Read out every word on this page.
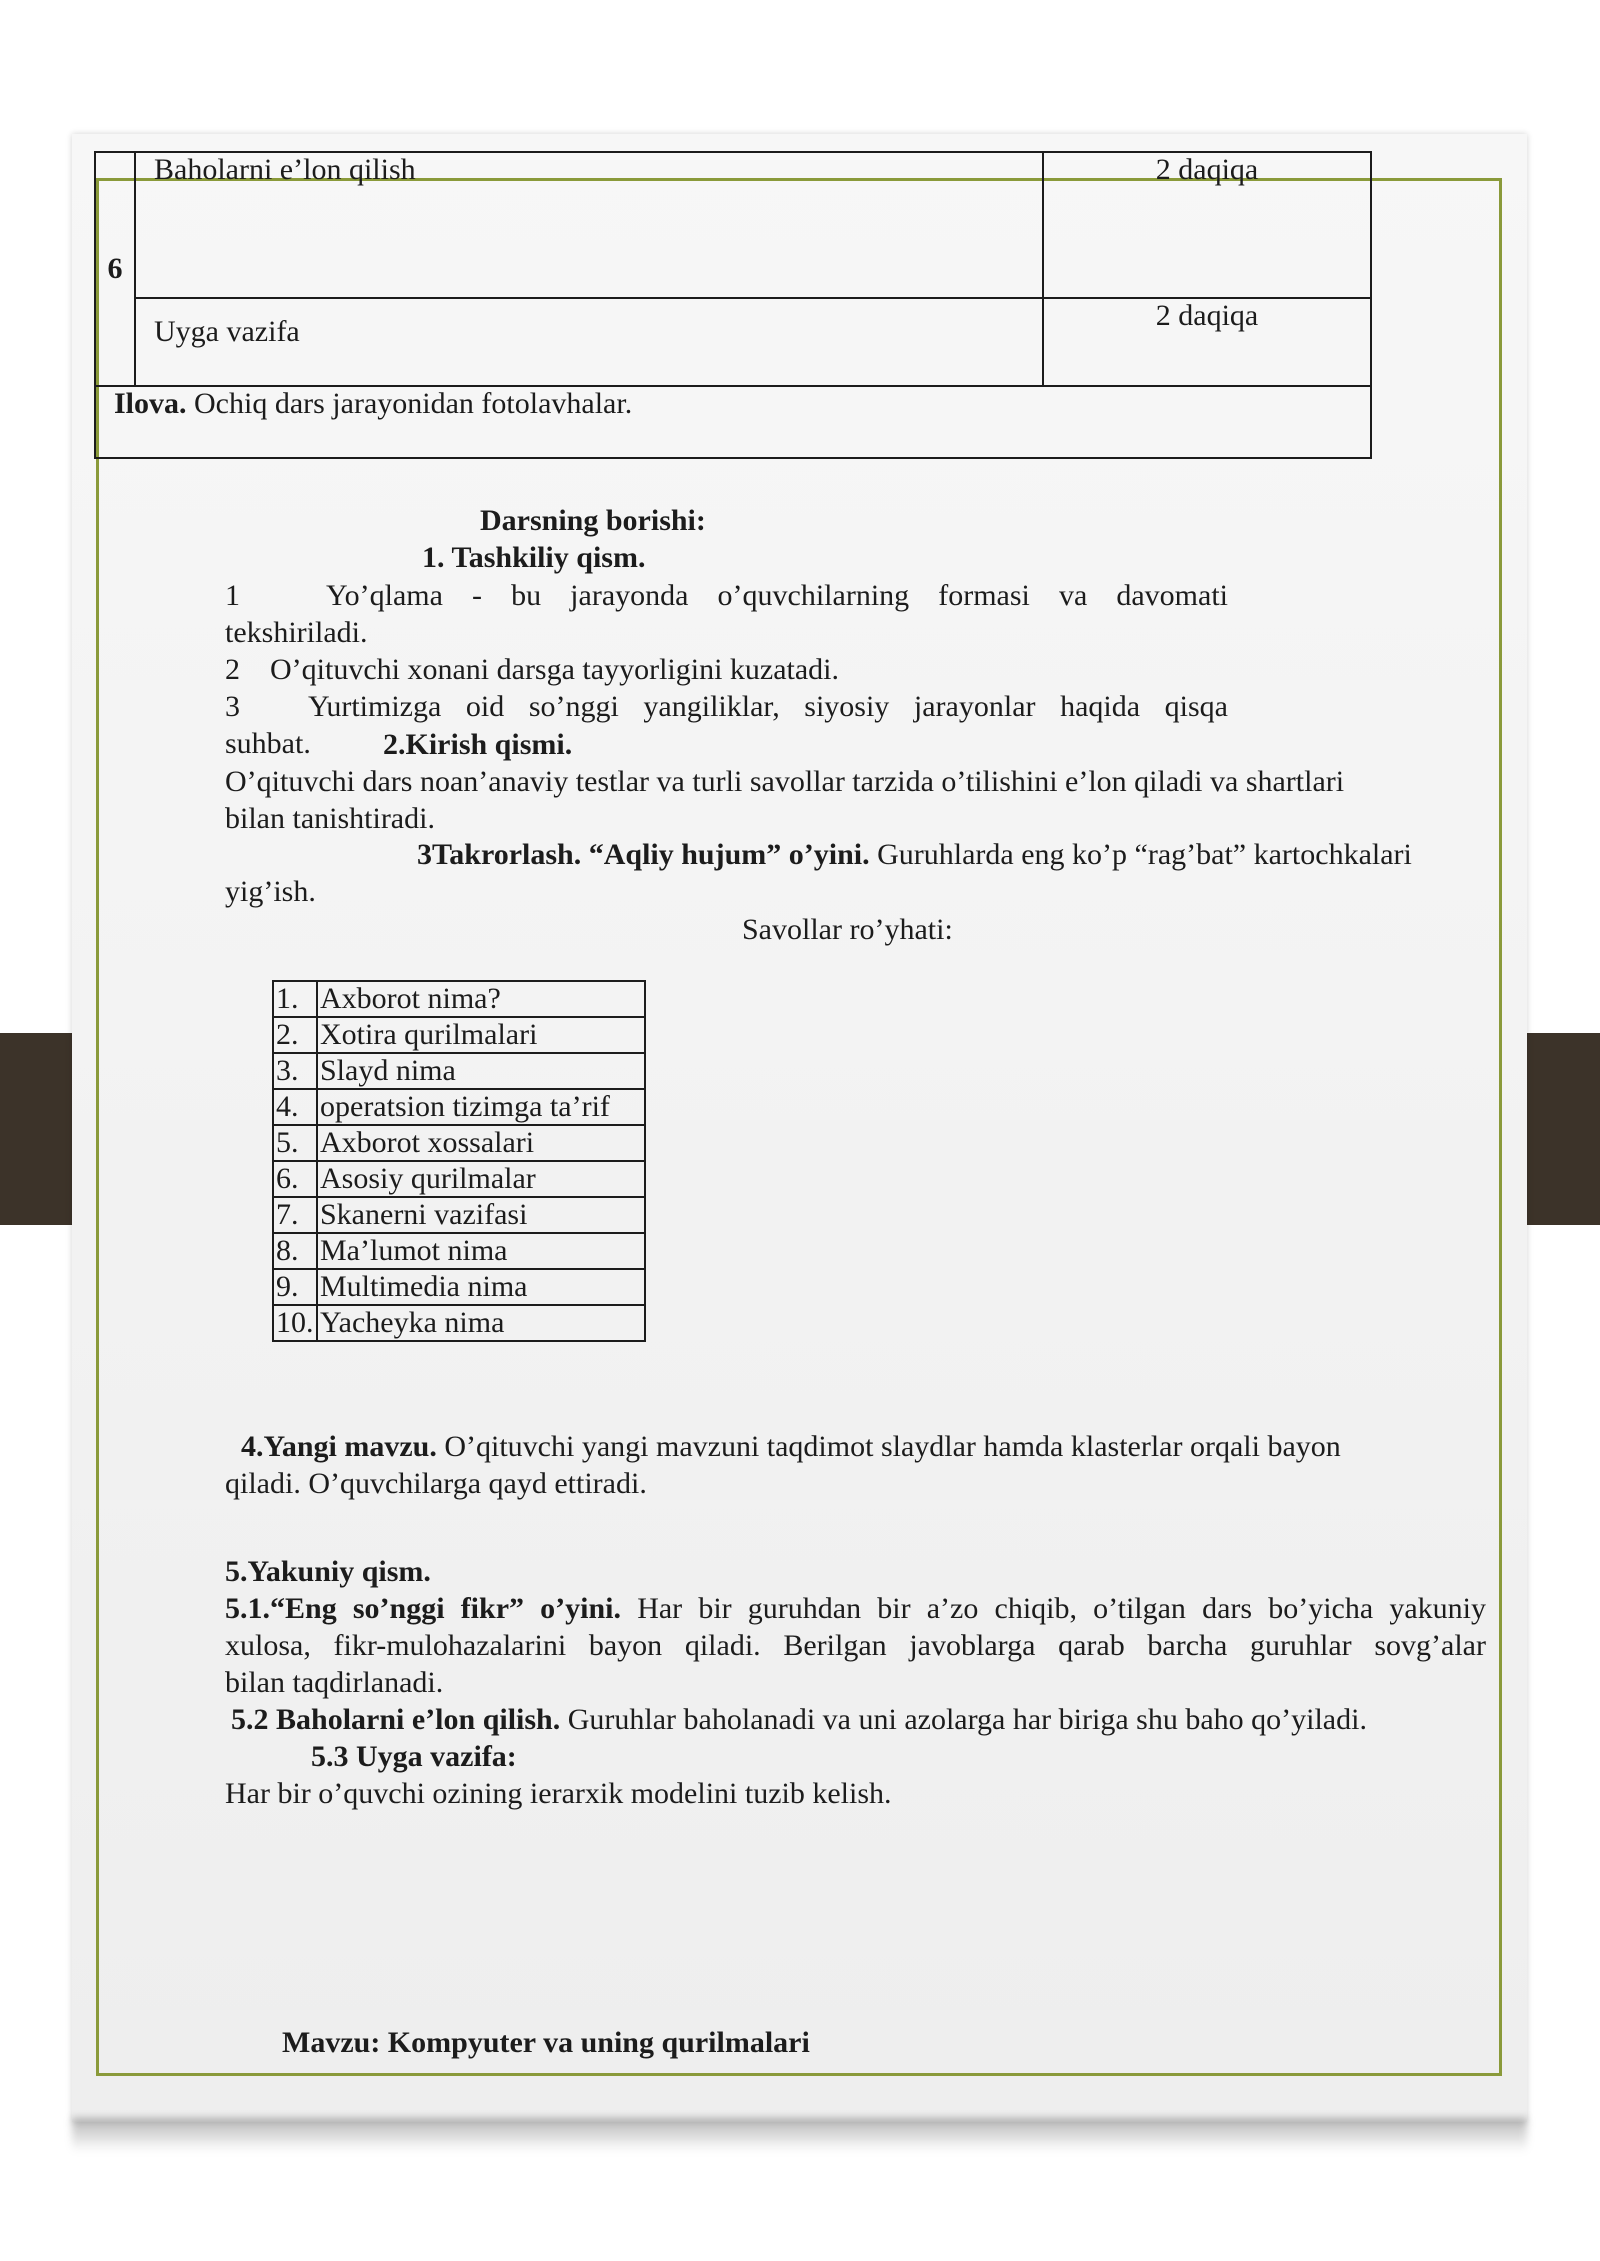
6	Baholarni e’lon qilish	2 daqiqa
	Uyga vazifa	2 daqiqa
Ilova. Ochiq dars jarayonidan fotolavhalar.		
Darsning borishi:
1. Tashkiliy qism.
1	Yo’qlama - bu jarayonda o’quvchilarning formasi va davomati
tekshiriladi.
2    O’qituvchi xonani darsga tayyorligini kuzatadi.
3 Yurtimizga oid so’nggi yangiliklar, siyosiy jarayonlar haqida qisqa
suhbat. 2.Kirish qismi.
O’qituvchi dars noan’anaviy testlar va turli savollar tarzida o’tilishini e’lon qiladi va shartlari
bilan tanishtiradi.
3Takrorlash. “Aqliy hujum” o’yini. Guruhlarda eng ko’p “rag’bat” kartochkalari
yig’ish.
Savollar ro’yhati:
1.	Axborot nima?
2.	Xotira qurilmalari
3.	Slayd nima
4.	operatsion tizimga ta’rif
5.	Axborot xossalari
6.	Asosiy qurilmalar
7.	Skanerni vazifasi
8.	Ma’lumot nima
9.	Multimedia nima
10.	Yacheyka nima
4.Yangi mavzu. O’qituvchi yangi mavzuni taqdimot slaydlar hamda klasterlar orqali bayon
qiladi. O’quvchilarga qayd ettiradi.
5.Yakuniy qism.
5.1.“Eng so’nggi fikr” o’yini. Har bir guruhdan bir a’zo chiqib, o’tilgan dars bo’yicha yakuniy
xulosa, fikr-mulohazalarini bayon qiladi. Berilgan javoblarga qarab barcha guruhlar sovg’alar
bilan taqdirlanadi.
5.2 Baholarni e’lon qilish. Guruhlar baholanadi va uni azolarga har biriga shu baho qo’yiladi.
5.3 Uyga vazifa:
Har bir o’quvchi ozining ierarxik modelini tuzib kelish.
Mavzu: Kompyuter va uning qurilmalari
